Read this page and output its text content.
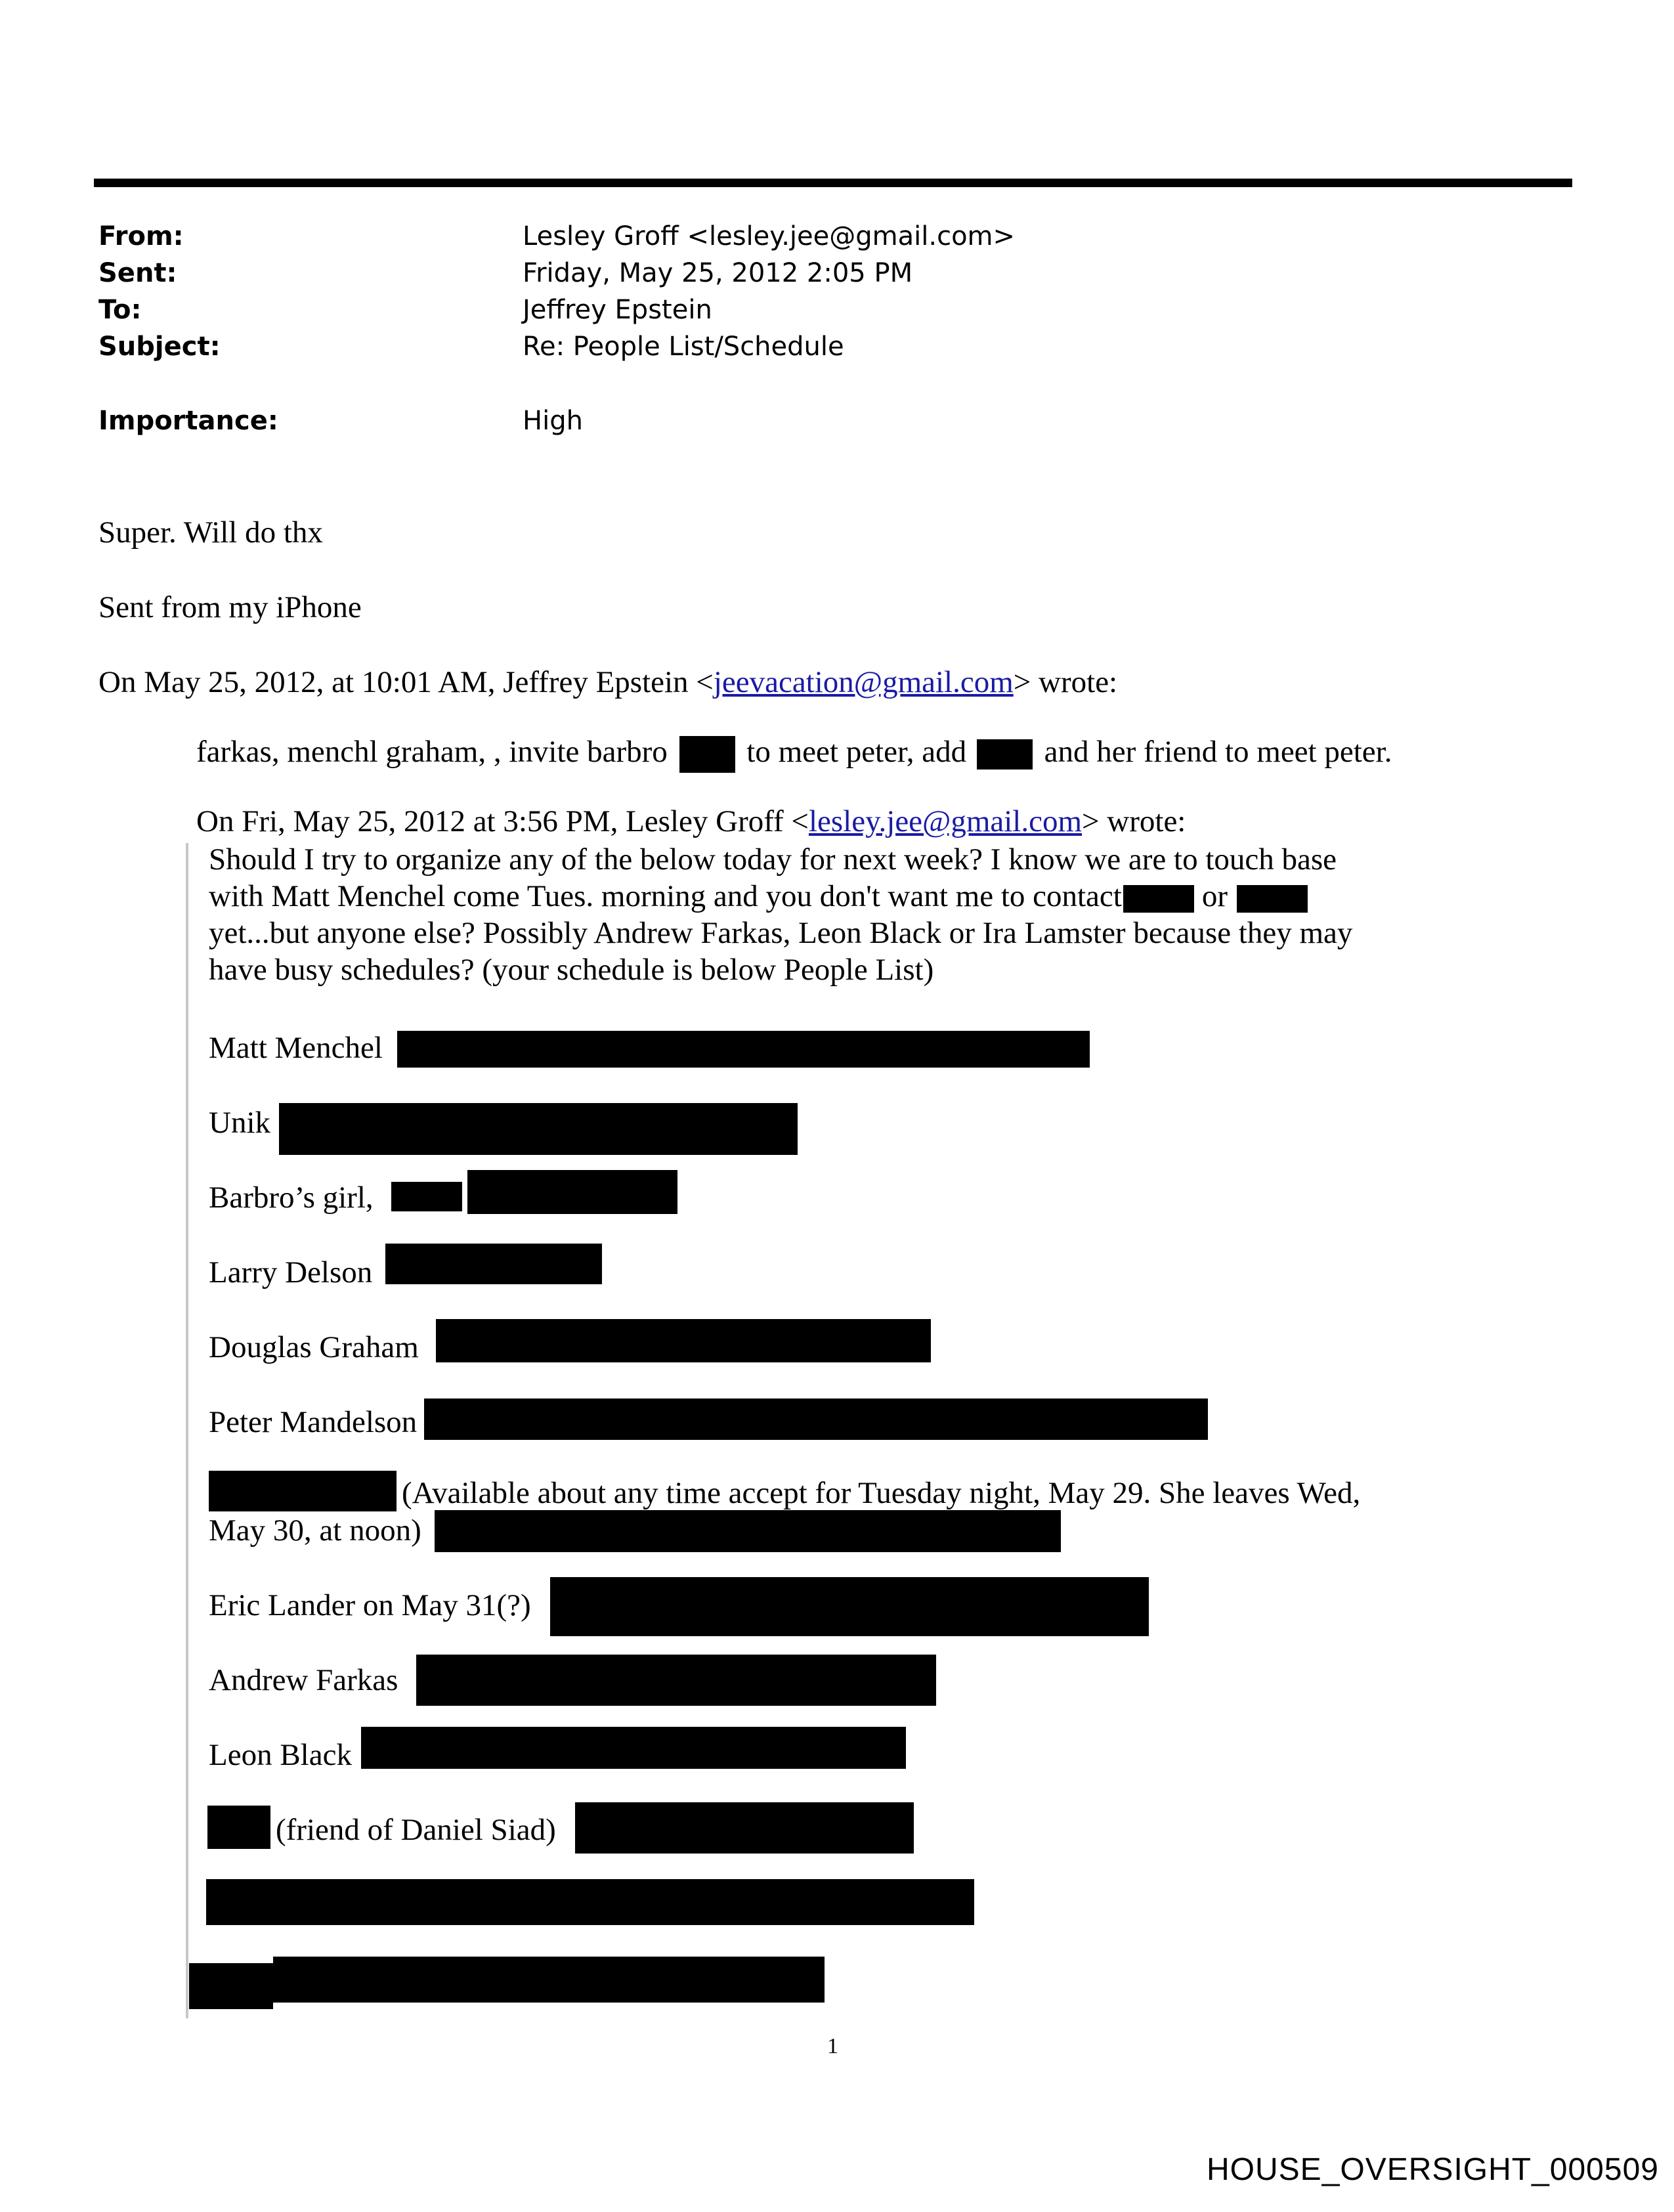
From:	Lesley Groff <lesley.jee@gmail.com>
Sent:	Friday, May 25, 2012 2:05 PM
To:	Jeffrey Epstein
Subject:	Re: People List/Schedule
Importance:	High
Super. Will do thx
Sent from my iPhone
On May 25, 2012, at 10:01 AM, Jeffrey Epstein <jeevacation@gmail.com> wrote:
farkas, menchl graham, , invite barbro	to meet peter, add	and her friend to meet peter.
On Fri, May 25, 2012 at 3:56 PM, Lesley Groff <lesley.jee@gmail.com> wrote:
Should I try to organize any of the below today for next week? I know we are to touch base
with Matt Menchel come Tues. morning and you don't want me to contact	or
yet...but anyone else? Possibly Andrew Farkas, Leon Black or Ira Lamster because they may
have busy schedules? (your schedule is below People List)
Matt Menchel
Unik
Barbro’s girl,
Larry Delson
Douglas Graham
Peter Mandelson
(Available about any time accept for Tuesday night, May 29. She leaves Wed,
May 30, at noon)
Eric Lander on May 31(?)
Andrew Farkas
Leon Black
(friend of Daniel Siad)
1
HOUSE_OVERSIGHT_000509
